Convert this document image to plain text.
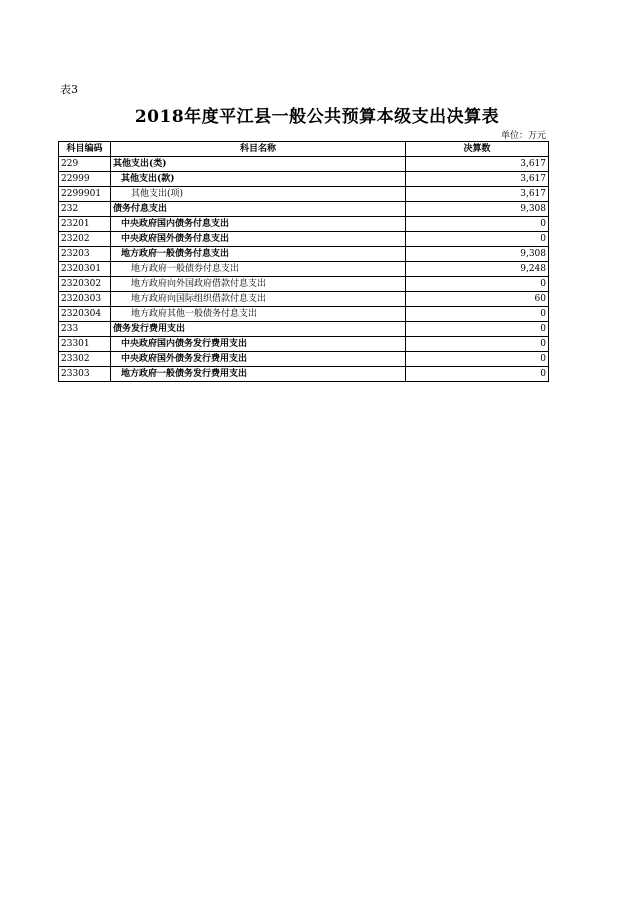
表3
2018年度平江县一般公共预算本级支出决算表
单位：万元
科目编码	科目名称	决算数
229	其他支出(类)	3,617
22999	其他支出(款)	3,617
2299901	其他支出(项)	3,617
232	债务付息支出	9,308
23201	中央政府国内债务付息支出	0
23202	中央政府国外债务付息支出	0
23203	地方政府一般债务付息支出	9,308
2320301	地方政府一般债券付息支出	9,248
2320302	地方政府向外国政府借款付息支出	0
2320303	地方政府向国际组织借款付息支出	60
2320304	地方政府其他一般债务付息支出	0
233	债务发行费用支出	0
23301	中央政府国内债务发行费用支出	0
23302	中央政府国外债务发行费用支出	0
23303	地方政府一般债务发行费用支出	0
